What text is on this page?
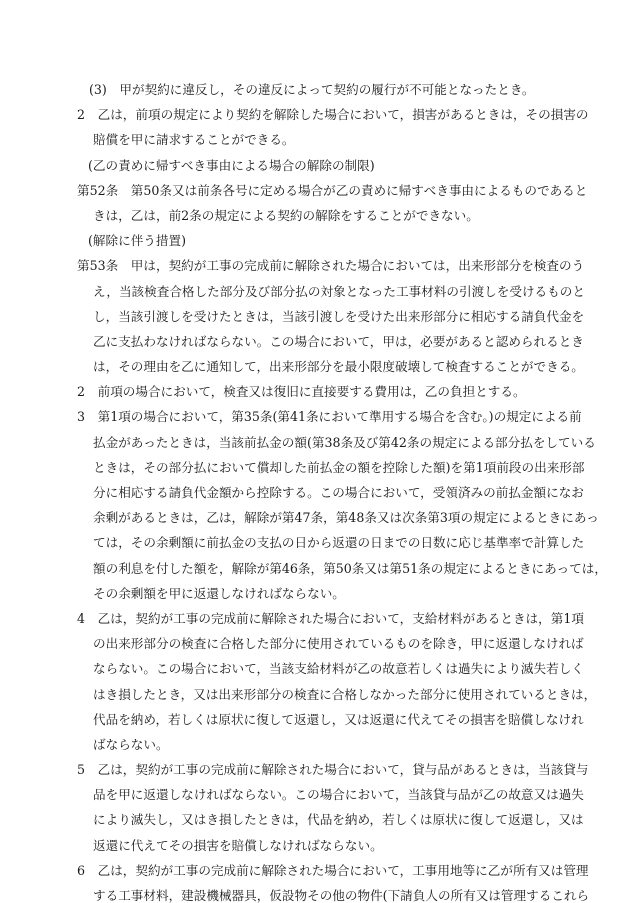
(3)　甲が契約に違反し，その違反によって契約の履行が不可能となったとき。
2　乙は，前項の規定により契約を解除した場合において，損害があるときは，その損害の
賠償を甲に請求することができる。
(乙の責めに帰すべき事由による場合の解除の制限)
第52条　第50条又は前条各号に定める場合が乙の責めに帰すべき事由によるものであると
きは，乙は，前2条の規定による契約の解除をすることができない。
(解除に伴う措置)
第53条　甲は，契約が工事の完成前に解除された場合においては，出来形部分を検査のう
え，当該検査合格した部分及び部分払の対象となった工事材料の引渡しを受けるものと
し，当該引渡しを受けたときは，当該引渡しを受けた出来形部分に相応する請負代金を
乙に支払わなければならない。この場合において，甲は，必要があると認められるとき
は，その理由を乙に通知して，出来形部分を最小限度破壊して検査することができる。
2　前項の場合において，検査又は復旧に直接要する費用は，乙の負担とする。
3　第1項の場合において，第35条(第41条において準用する場合を含む。)の規定による前
払金があったときは，当該前払金の額(第38条及び第42条の規定による部分払をしている
ときは，その部分払において償却した前払金の額を控除した額)を第1項前段の出来形部
分に相応する請負代金額から控除する。この場合において，受領済みの前払金額になお
余剰があるときは，乙は，解除が第47条，第48条又は次条第3項の規定によるときにあっ
ては，その余剰額に前払金の支払の日から返還の日までの日数に応じ基準率で計算した
額の利息を付した額を，解除が第46条，第50条又は第51条の規定によるときにあっては，
その余剰額を甲に返還しなければならない。
4　乙は，契約が工事の完成前に解除された場合において，支給材料があるときは，第1項
の出来形部分の検査に合格した部分に使用されているものを除き，甲に返還しなければ
ならない。この場合において，当該支給材料が乙の故意若しくは過失により滅失若しく
はき損したとき，又は出来形部分の検査に合格しなかった部分に使用されているときは，
代品を納め，若しくは原状に復して返還し，又は返還に代えてその損害を賠償しなけれ
ばならない。
5　乙は，契約が工事の完成前に解除された場合において，貸与品があるときは，当該貸与
品を甲に返還しなければならない。この場合において，当該貸与品が乙の故意又は過失
により滅失し，又はき損したときは，代品を納め，若しくは原状に復して返還し，又は
返還に代えてその損害を賠償しなければならない。
6　乙は，契約が工事の完成前に解除された場合において，工事用地等に乙が所有又は管理
する工事材料，建設機械器具，仮設物その他の物件(下請負人の所有又は管理するこれら
